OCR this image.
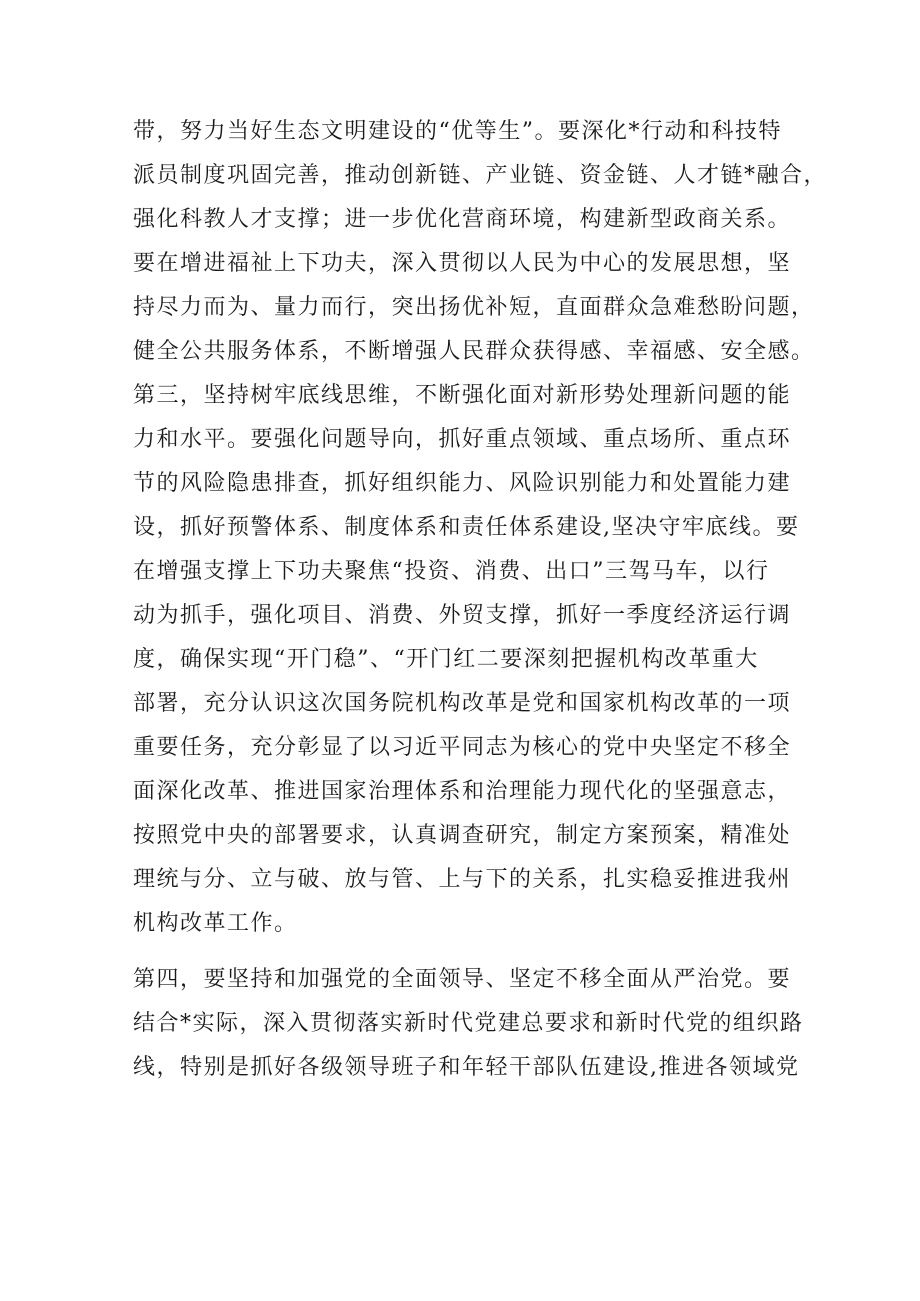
带，努力当好生态文明建设的“优等生”。要深化*行动和科技特
派员制度巩固完善，推动创新链、产业链、资金链、人才链*融合，
强化科教人才支撑；进一步优化营商环境，构建新型政商关系。
要在增进福祉上下功夫，深入贯彻以人民为中心的发展思想，坚
持尽力而为、量力而行，突出扬优补短，直面群众急难愁盼问题，
健全公共服务体系，不断增强人民群众获得感、幸福感、安全感。
第三，坚持树牢底线思维，不断强化面对新形势处理新问题的能
力和水平。要强化问题导向，抓好重点领域、重点场所、重点环
节的风险隐患排查，抓好组织能力、风险识别能力和处置能力建
设，抓好预警体系、制度体系和责任体系建设,坚决守牢底线。要
在增强支撑上下功夫聚焦“投资、消费、出口”三驾马车，以行
动为抓手，强化项目、消费、外贸支撑，抓好一季度经济运行调
度，确保实现“开门稳”、“开门红二要深刻把握机构改革重大
部署，充分认识这次国务院机构改革是党和国家机构改革的一项
重要任务，充分彰显了以习近平同志为核心的党中央坚定不移全
面深化改革、推进国家治理体系和治理能力现代化的坚强意志，
按照党中央的部署要求，认真调查研究，制定方案预案，精准处
理统与分、立与破、放与管、上与下的关系，扎实稳妥推进我州
机构改革工作。
第四，要坚持和加强党的全面领导、坚定不移全面从严治党。要
结合*实际，深入贯彻落实新时代党建总要求和新时代党的组织路
线，特别是抓好各级领导班子和年轻干部队伍建设,推进各领域党
